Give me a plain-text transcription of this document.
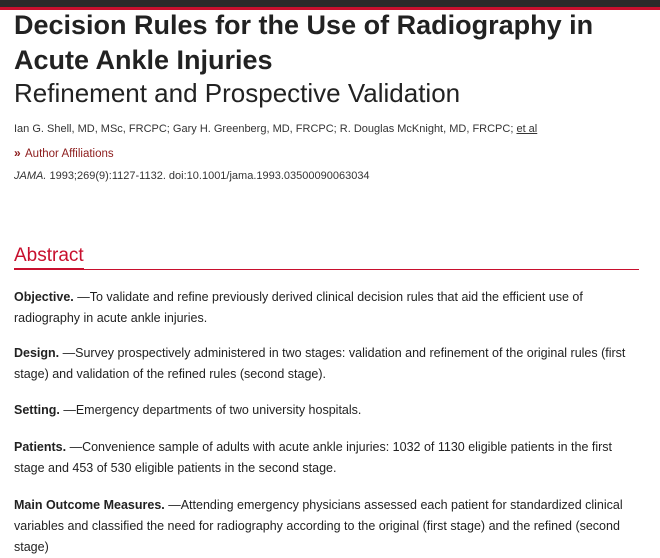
Decision Rules for the Use of Radiography in Acute Ankle Injuries
Refinement and Prospective Validation
Ian G. Shell, MD, MSc, FRCPC; Gary H. Greenberg, MD, FRCPC; R. Douglas McKnight, MD, FRCPC; et al
» Author Affiliations
JAMA. 1993;269(9):1127-1132. doi:10.1001/jama.1993.03500090063034
Abstract

Objective. —To validate and refine previously derived clinical decision rules that aid the efficient use of radiography in acute ankle injuries.

Design. —Survey prospectively administered in two stages: validation and refinement of the original rules (first stage) and validation of the refined rules (second stage).

Setting. —Emergency departments of two university hospitals.

Patients. —Convenience sample of adults with acute ankle injuries: 1032 of 1130 eligible patients in the first stage and 453 of 530 eligible patients in the second stage.

Main Outcome Measures. —Attending emergency physicians assessed each patient for standardized clinical variables and classified the need for radiography according to the original (first stage) and the refined (second stage)
